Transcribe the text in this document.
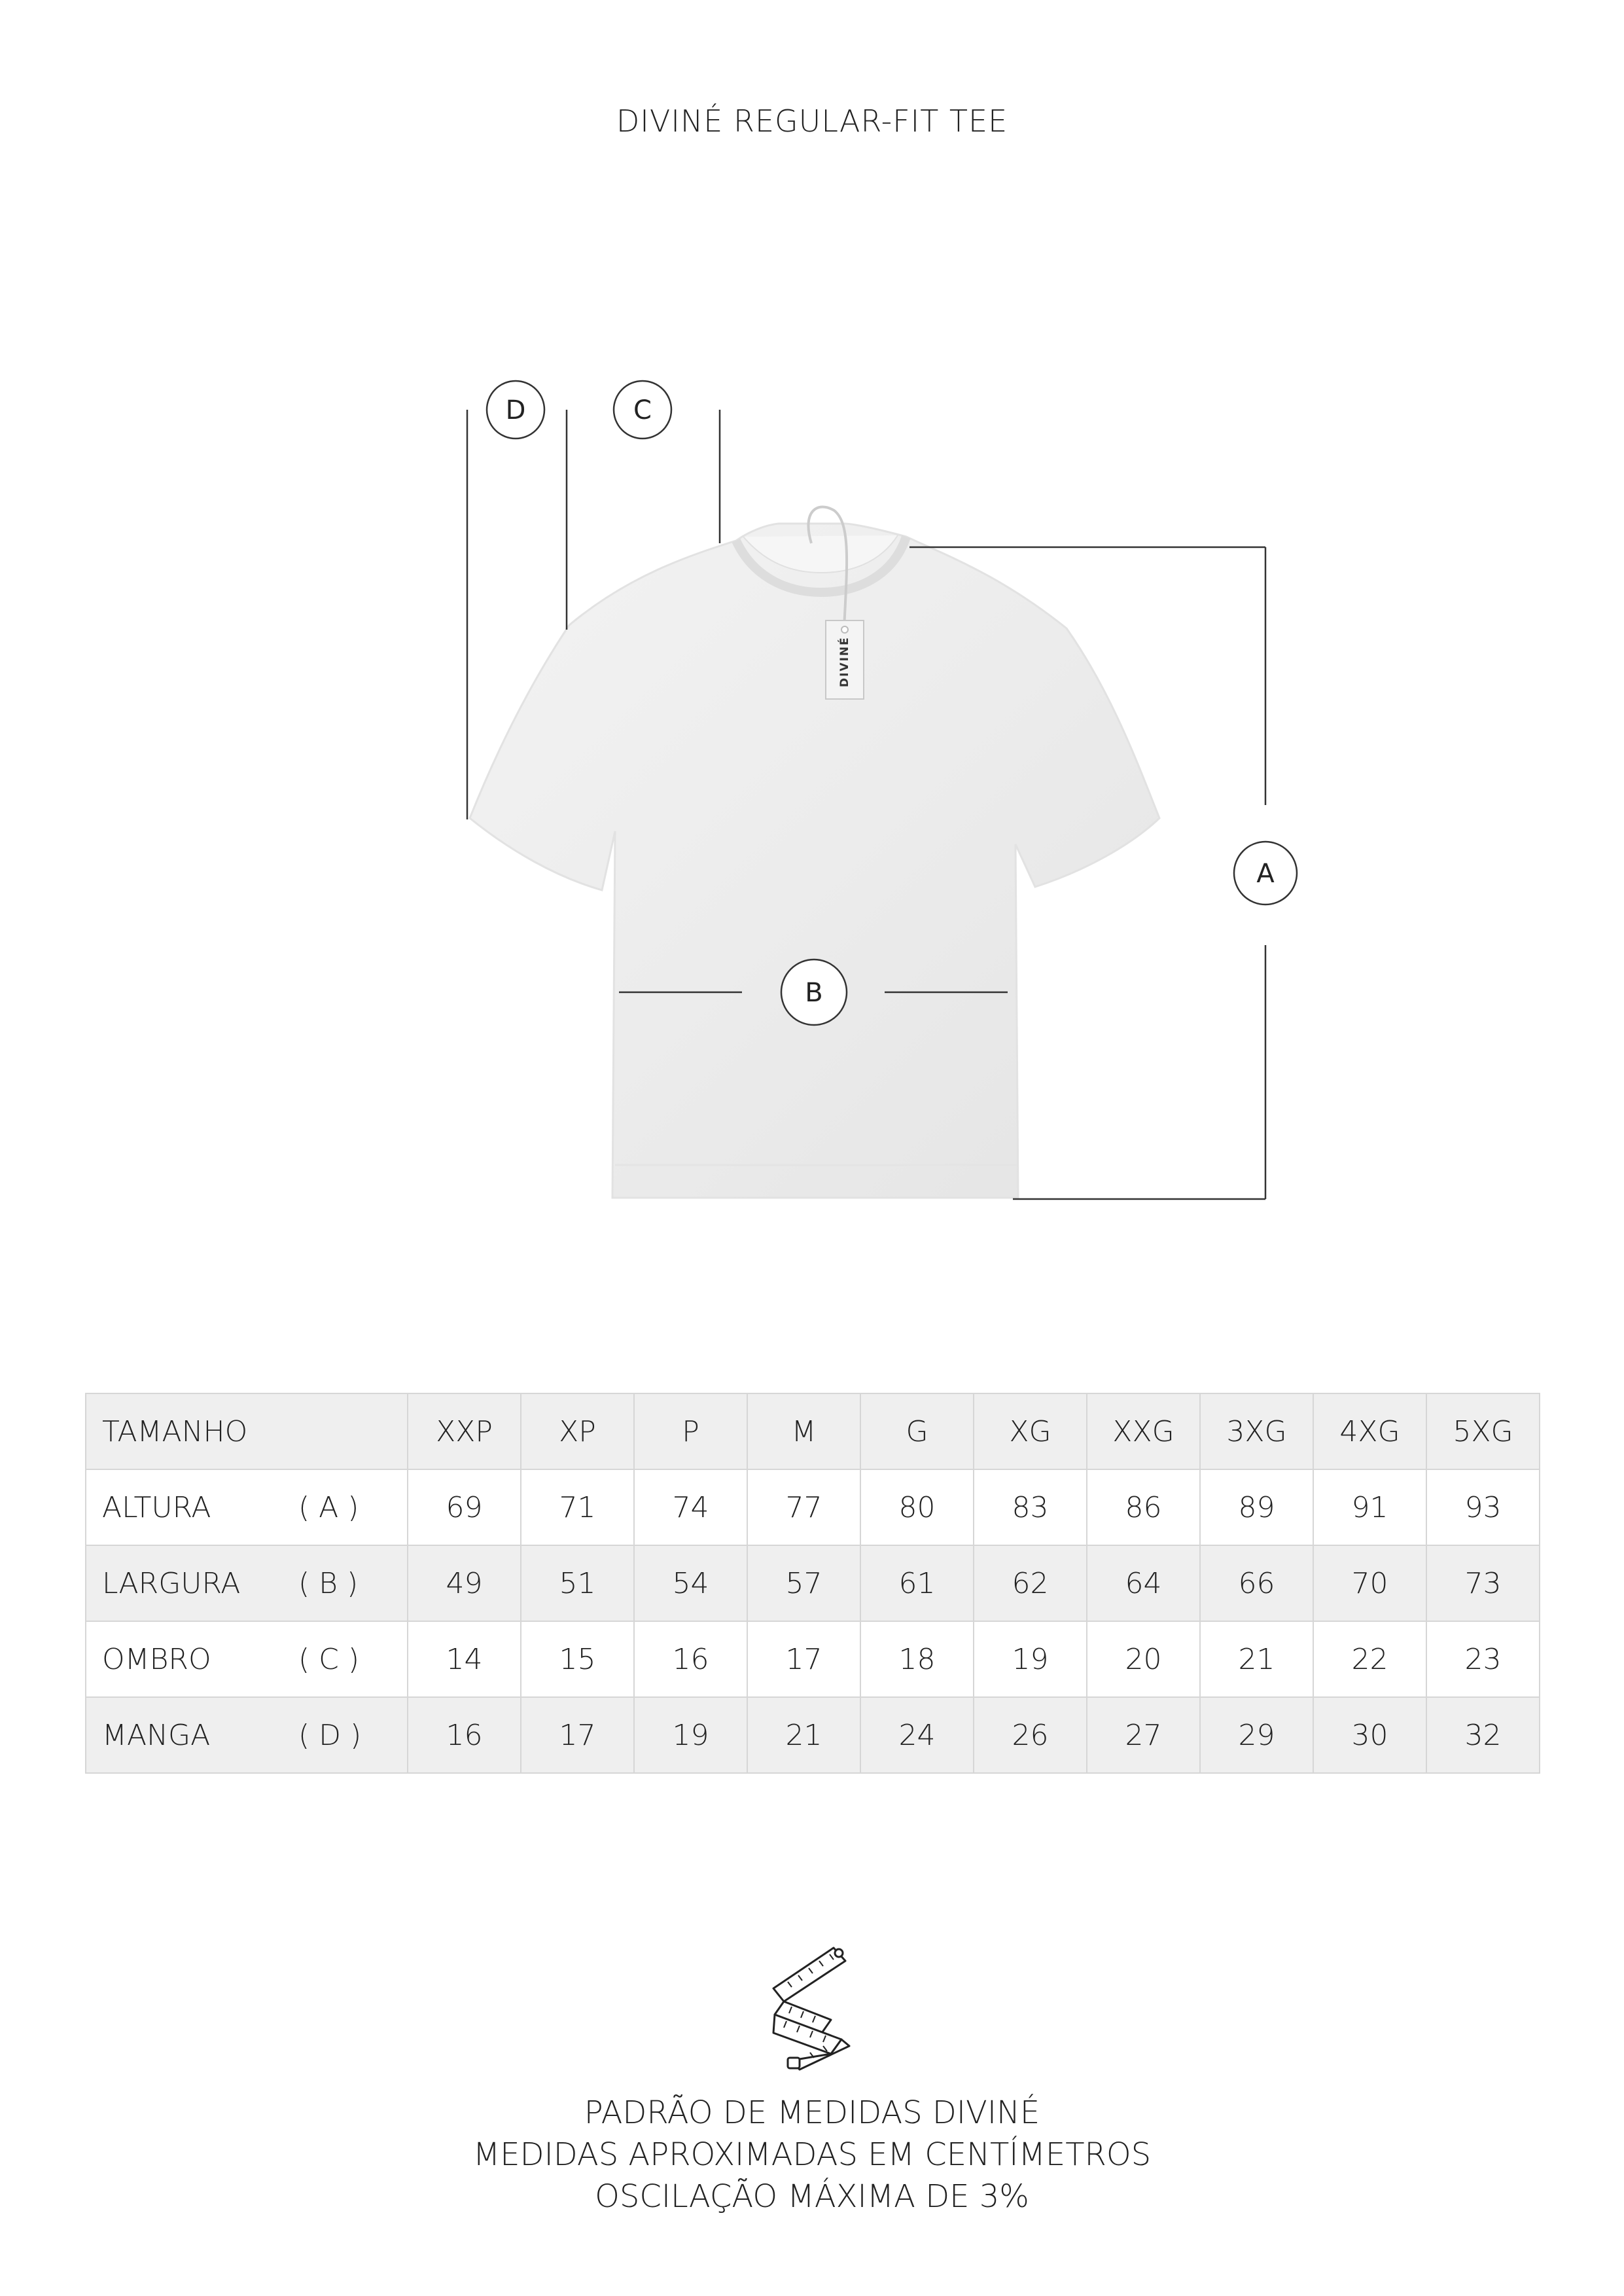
DIVINÉ REGULAR-FIT TEE
DIVINÉ
D	C
A
B
TAMANHO	XXP	XP	P	M	G	XG	XXG	3XG	4XG	5XG

ALTURA ( A )	69	71	74	77	80	83	86	89	91	93

LARGURA ( B )	49	51	54	57	61	62	64	66	70	73

OMBRO ( C )	14	15	16	17	18	19	20	21	22	23

MANGA ( D )	16	17	19	21	24	26	27	29	30	32
PADRÃO DE MEDIDAS DIVINÉ
MEDIDAS APROXIMADAS EM CENTÍMETROS
OSCILAÇÃO MÁXIMA DE 3%
